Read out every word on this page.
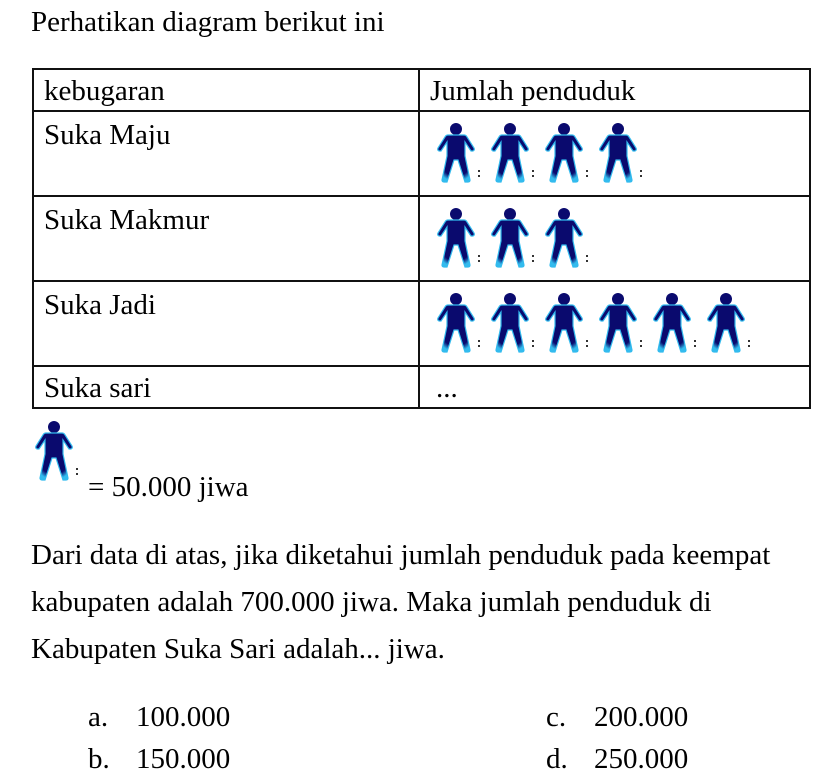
Perhatikan diagram berikut ini
kebugaran	Jumlah penduduk

Suka Maju

Suka Makmur

Suka Jadi

Suka sari	...
= 50.000 jiwa
Dari data di atas, jika diketahui jumlah penduduk pada keempat kabupaten adalah 700.000 jiwa. Maka jumlah penduduk di Kabupaten Suka Sari adalah... jiwa.
a. 100.000
b. 150.000
c. 200.000
d. 250.000
